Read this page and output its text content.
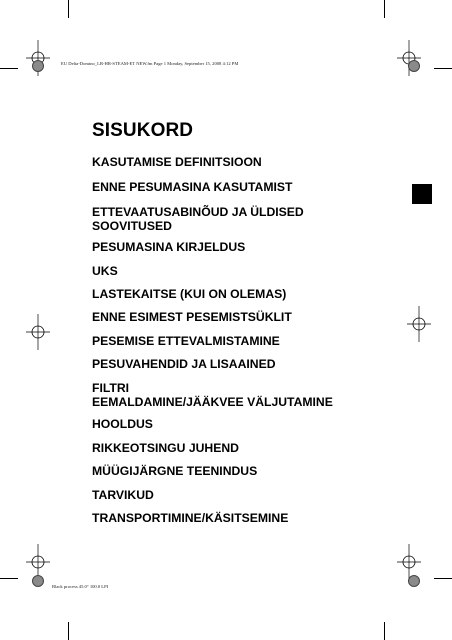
EU Delta-Domino_LB-HR-STEAM-ET NEW.fm Page 1 Monday, September 15, 2008 4:12 PM
Black process 45.0° 100.0 LPI
SISUKORD
KASUTAMISE DEFINITSIOON
ENNE PESUMASINA KASUTAMIST
ETTEVAATUSABINÕUD JA ÜLDISED
SOOVITUSED
PESUMASINA KIRJELDUS
UKS
LASTEKAITSE (KUI ON OLEMAS)
ENNE ESIMEST PESEMISTSÜKLIT
PESEMISE ETTEVALMISTAMINE
PESUVAHENDID JA LISAAINED
FILTRI
EEMALDAMINE/JÄÄKVEE VÄLJUTAMINE
HOOLDUS
RIKKEOTSINGU JUHEND
MÜÜGIJÄRGNE TEENINDUS
TARVIKUD
TRANSPORTIMINE/KÄSITSEMINE
